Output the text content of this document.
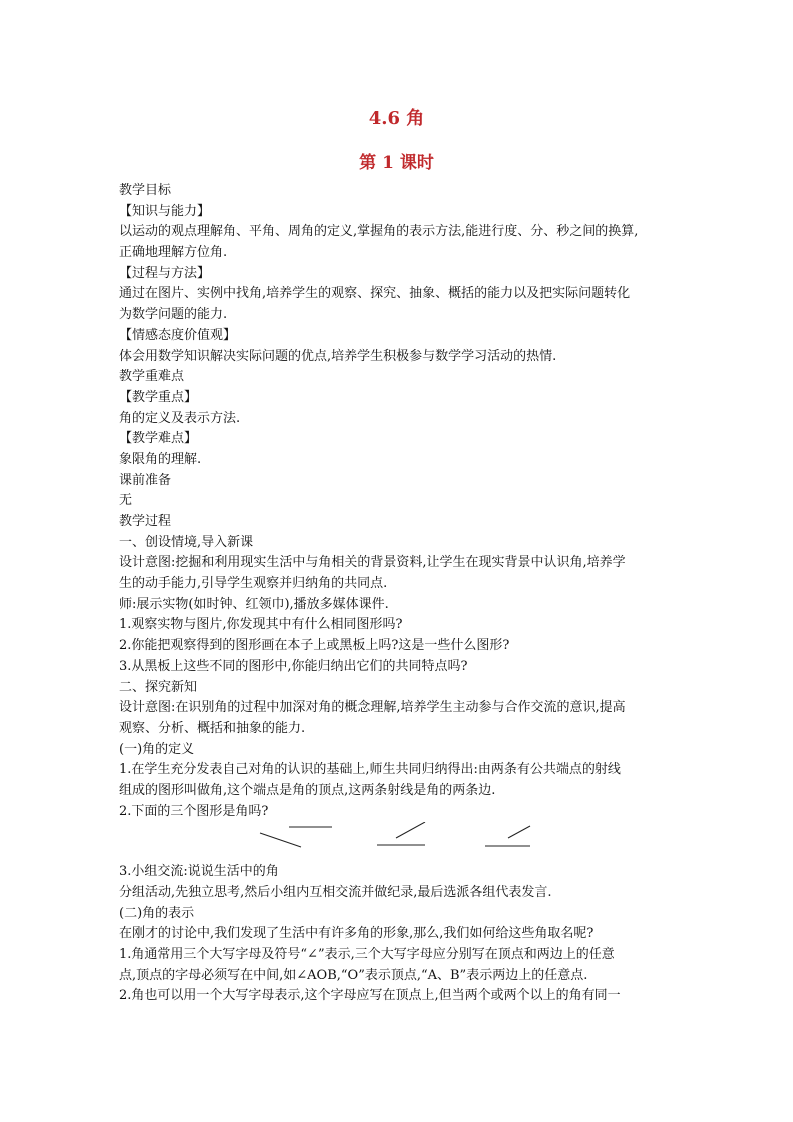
4.6 角
第 1 课时
教学目标
【知识与能力】
以运动的观点理解角、平角、周角的定义,掌握角的表示方法,能进行度、分、秒之间的换算,
正确地理解方位角.
【过程与方法】
通过在图片、实例中找角,培养学生的观察、探究、抽象、概括的能力以及把实际问题转化
为数学问题的能力.
【情感态度价值观】
体会用数学知识解决实际问题的优点,培养学生积极参与数学学习活动的热情.
教学重难点
【教学重点】
角的定义及表示方法.
【教学难点】
象限角的理解.
课前准备
无
教学过程
一、创设情境,导入新课
设计意图:挖掘和利用现实生活中与角相关的背景资料,让学生在现实背景中认识角,培养学
生的动手能力,引导学生观察并归纳角的共同点.
师:展示实物(如时钟、红领巾),播放多媒体课件.
1.观察实物与图片,你发现其中有什么相同图形吗?
2.你能把观察得到的图形画在本子上或黑板上吗?这是一些什么图形?
3.从黑板上这些不同的图形中,你能归纳出它们的共同特点吗?
二、探究新知
设计意图:在识别角的过程中加深对角的概念理解,培养学生主动参与合作交流的意识,提高
观察、分析、概括和抽象的能力.
(一)角的定义
1.在学生充分发表自己对角的认识的基础上,师生共同归纳得出:由两条有公共端点的射线
组成的图形叫做角,这个端点是角的顶点,这两条射线是角的两条边.
2.下面的三个图形是角吗?
3.小组交流:说说生活中的角
分组活动,先独立思考,然后小组内互相交流并做纪录,最后选派各组代表发言.
(二)角的表示
在刚才的讨论中,我们发现了生活中有许多角的形象,那么,我们如何给这些角取名呢?
1.角通常用三个大写字母及符号“∠”表示,三个大写字母应分别写在顶点和两边上的任意
点,顶点的字母必须写在中间,如∠AOB,“O”表示顶点,“A、B”表示两边上的任意点.
2.角也可以用一个大写字母表示,这个字母应写在顶点上,但当两个或两个以上的角有同一
